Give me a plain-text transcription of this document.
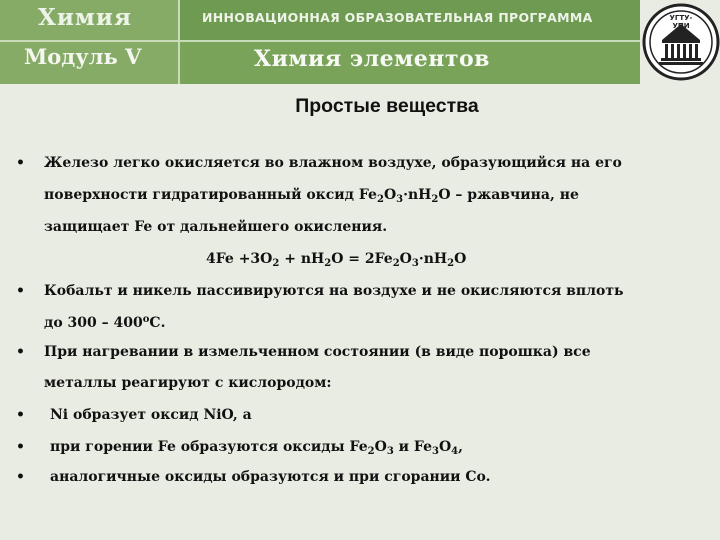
Химия
Модуль V
ИННОВАЦИОННАЯ ОБРАЗОВАТЕЛЬНАЯ ПРОГРАММА
Химия элементов
УГТУ-УПИ
Простые вещества
• Железо легко окисляется во влажном воздухе, образующийся на его
поверхности гидратированный оксид $Fe_2O_3\cdot nH_2O$ – ржавчина, не
защищает Fe от дальнейшего окисления.
$4Fe +3O_2 + nH_2O = 2Fe_2O_3\cdot nH_2O$
• Кобальт и никель пассивируются на воздухе и не окисляются вплоть
до $300 - 400^оС$.
• При нагревании в измельченном состоянии (в виде порошка) все
металлы реагируют с кислородом:
• Ni образует оксид NiO, а
• при горении Fe образуются оксиды $Fe_2O_3$ и $Fe_3O_4$,
• аналогичные оксиды образуются и при сгорании Co.
